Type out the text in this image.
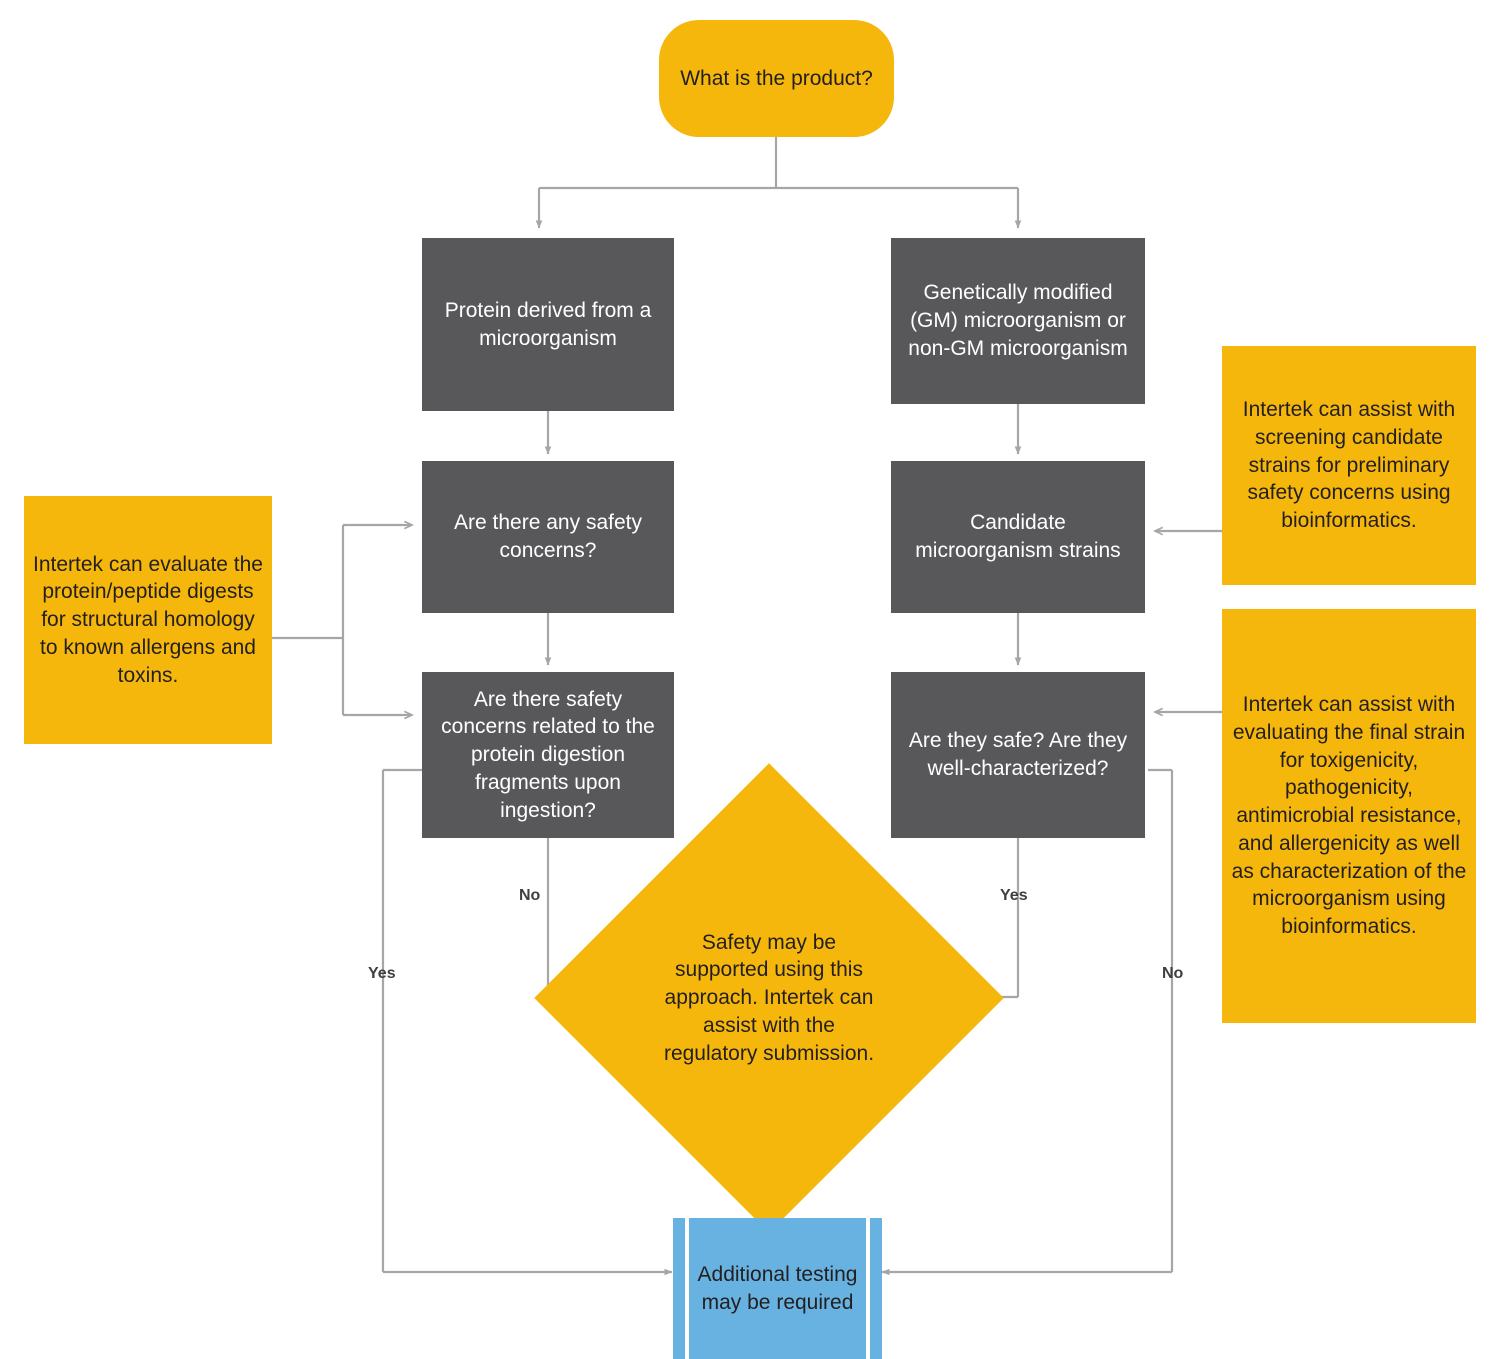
What is the product?
Protein derived from a microorganism
Genetically modified (GM) microorganism or non-GM microorganism
Are there any safety concerns?
Candidate microorganism strains
Are there safety concerns related to the protein digestion fragments upon ingestion?
Are they safe? Are they well-characterized?
Safety may be supported using this approach. Intertek can assist with the regulatory submission.
Additional testing may be required
Intertek can evaluate the protein/peptide digests for structural homology to known allergens and toxins.
Intertek can assist with screening candidate strains for preliminary safety concerns using bioinformatics.
Intertek can assist with evaluating the final strain for toxigenicity, pathogenicity, antimicrobial resistance, and allergenicity as well as characterization of the microorganism using bioinformatics.
No
Yes
Yes
No
